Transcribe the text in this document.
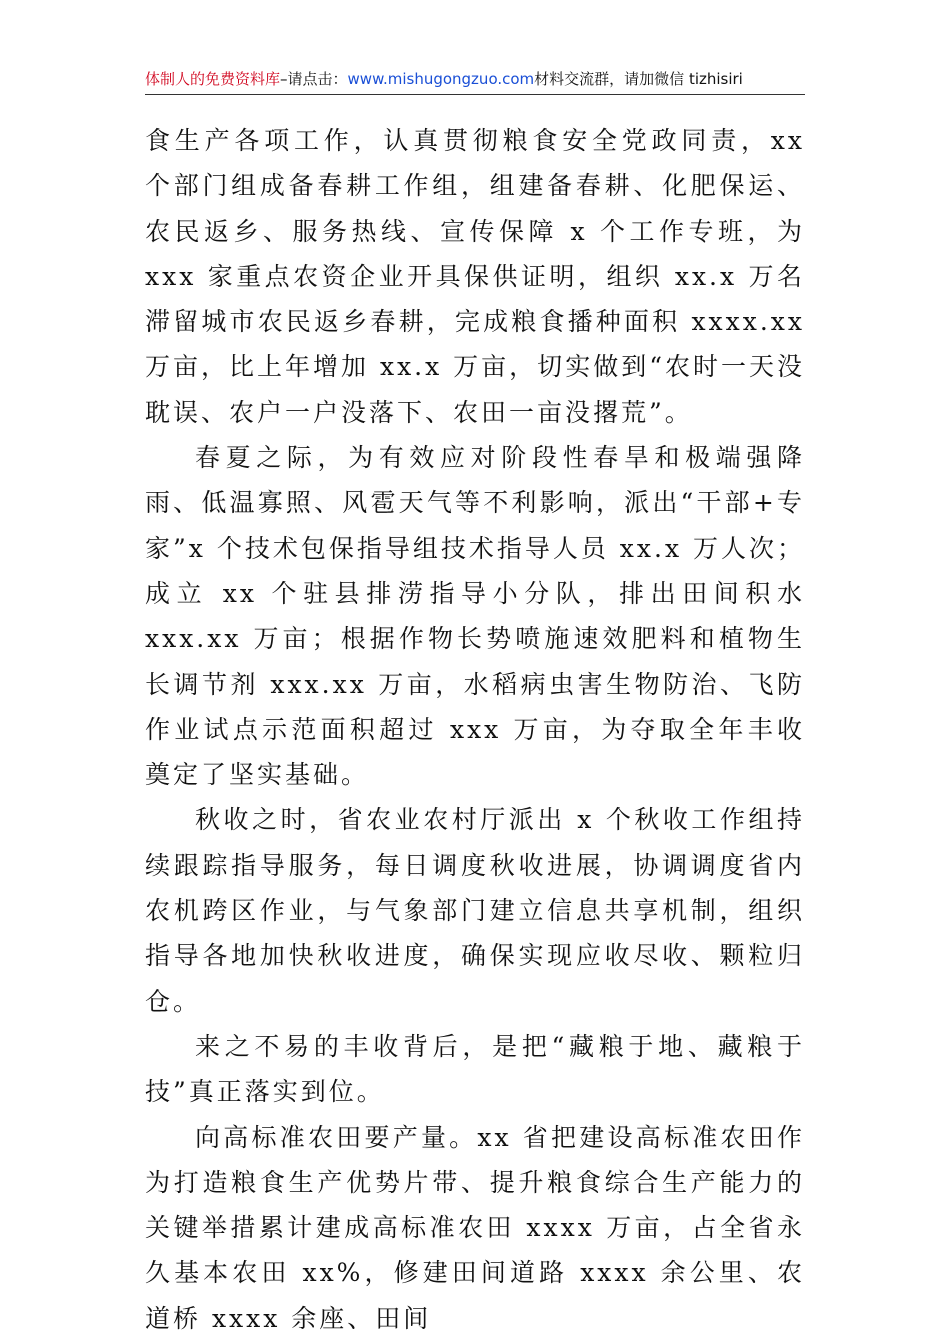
体制人的免费资料库–请点击：www.mishugongzuo.com材料交流群，请加微信 tizhisiri

食生产各项工作，认真贯彻粮食安全党政同责，xx 个部门组成备春耕工作组，组建备春耕、化肥保运、农民返乡、服务热线、宣传保障 x 个工作专班，为 xxx 家重点农资企业开具保供证明，组织 xx.x 万名滞留城市农民返乡春耕，完成粮食播种面积 xxxx.xx 万亩，比上年增加 xx.x 万亩，切实做到“农时一天没耽误、农户一户没落下、农田一亩没撂荒”。

春夏之际，为有效应对阶段性春旱和极端强降雨、低温寡照、风雹天气等不利影响，派出“干部+专家”x 个技术包保指导组技术指导人员 xx.x 万人次；成立 xx 个驻县排涝指导小分队，排出田间积水 xxx.xx 万亩；根据作物长势喷施速效肥料和植物生长调节剂 xxx.xx 万亩，水稻病虫害生物防治、飞防作业试点示范面积超过 xxx 万亩，为夺取全年丰收奠定了坚实基础。

秋收之时，省农业农村厅派出 x 个秋收工作组持续跟踪指导服务，每日调度秋收进展，协调调度省内农机跨区作业，与气象部门建立信息共享机制，组织指导各地加快秋收进度，确保实现应收尽收、颗粒归仓。

来之不易的丰收背后，是把“藏粮于地、藏粮于技”真正落实到位。

向高标准农田要产量。xx 省把建设高标准农田作为打造粮食生产优势片带、提升粮食综合生产能力的关键举措累计建成高标准农田 xxxx 万亩，占全省永久基本农田 xx%，修建田间道路 xxxx 余公里、农道桥 xxxx 余座、田间
